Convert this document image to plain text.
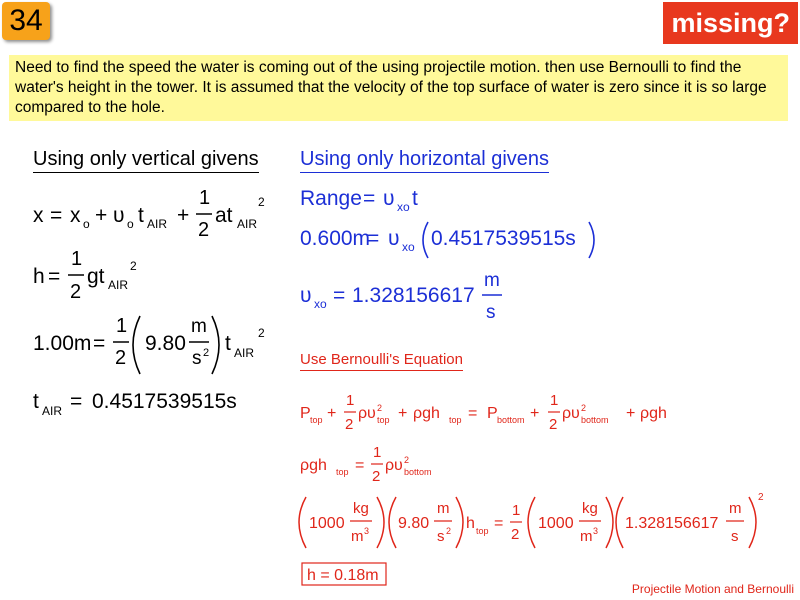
34	missing?
Need to find the speed the water is coming out of the using projectile motion. then use Bernoulli to find the water's height in the tower. It is assumed that the velocity of the top surface of water is zero since it is so large compared to the hole.
Using only vertical givens Using only horizontal givens
Use Bernoulli's Equation
x = x o + υ o t AIR +
1
2
at AIR
2
h =
1
2
gt AIR
2
1.00m =
1
2
9.80
m
s 2 t AIR
2
t AIR = 0.4517539515s
Range = υ xo t
0.600m
= υ xo 0.4517539515s
υ xo = 1.328156617
m
s
P top +
1
2
ρ υ 2
top + ρgh top = P bottom +
1
2
ρ υ 2
bottom + ρgh
ρgh top =
1
2
ρ υ 2
bottom
1000
kg
m 3 9.80
m
s 2 h top =
1
2
1000
kg
m 3 1.328156617
m
s
2
h = 0.18m
Projectile Motion and Bernoulli
